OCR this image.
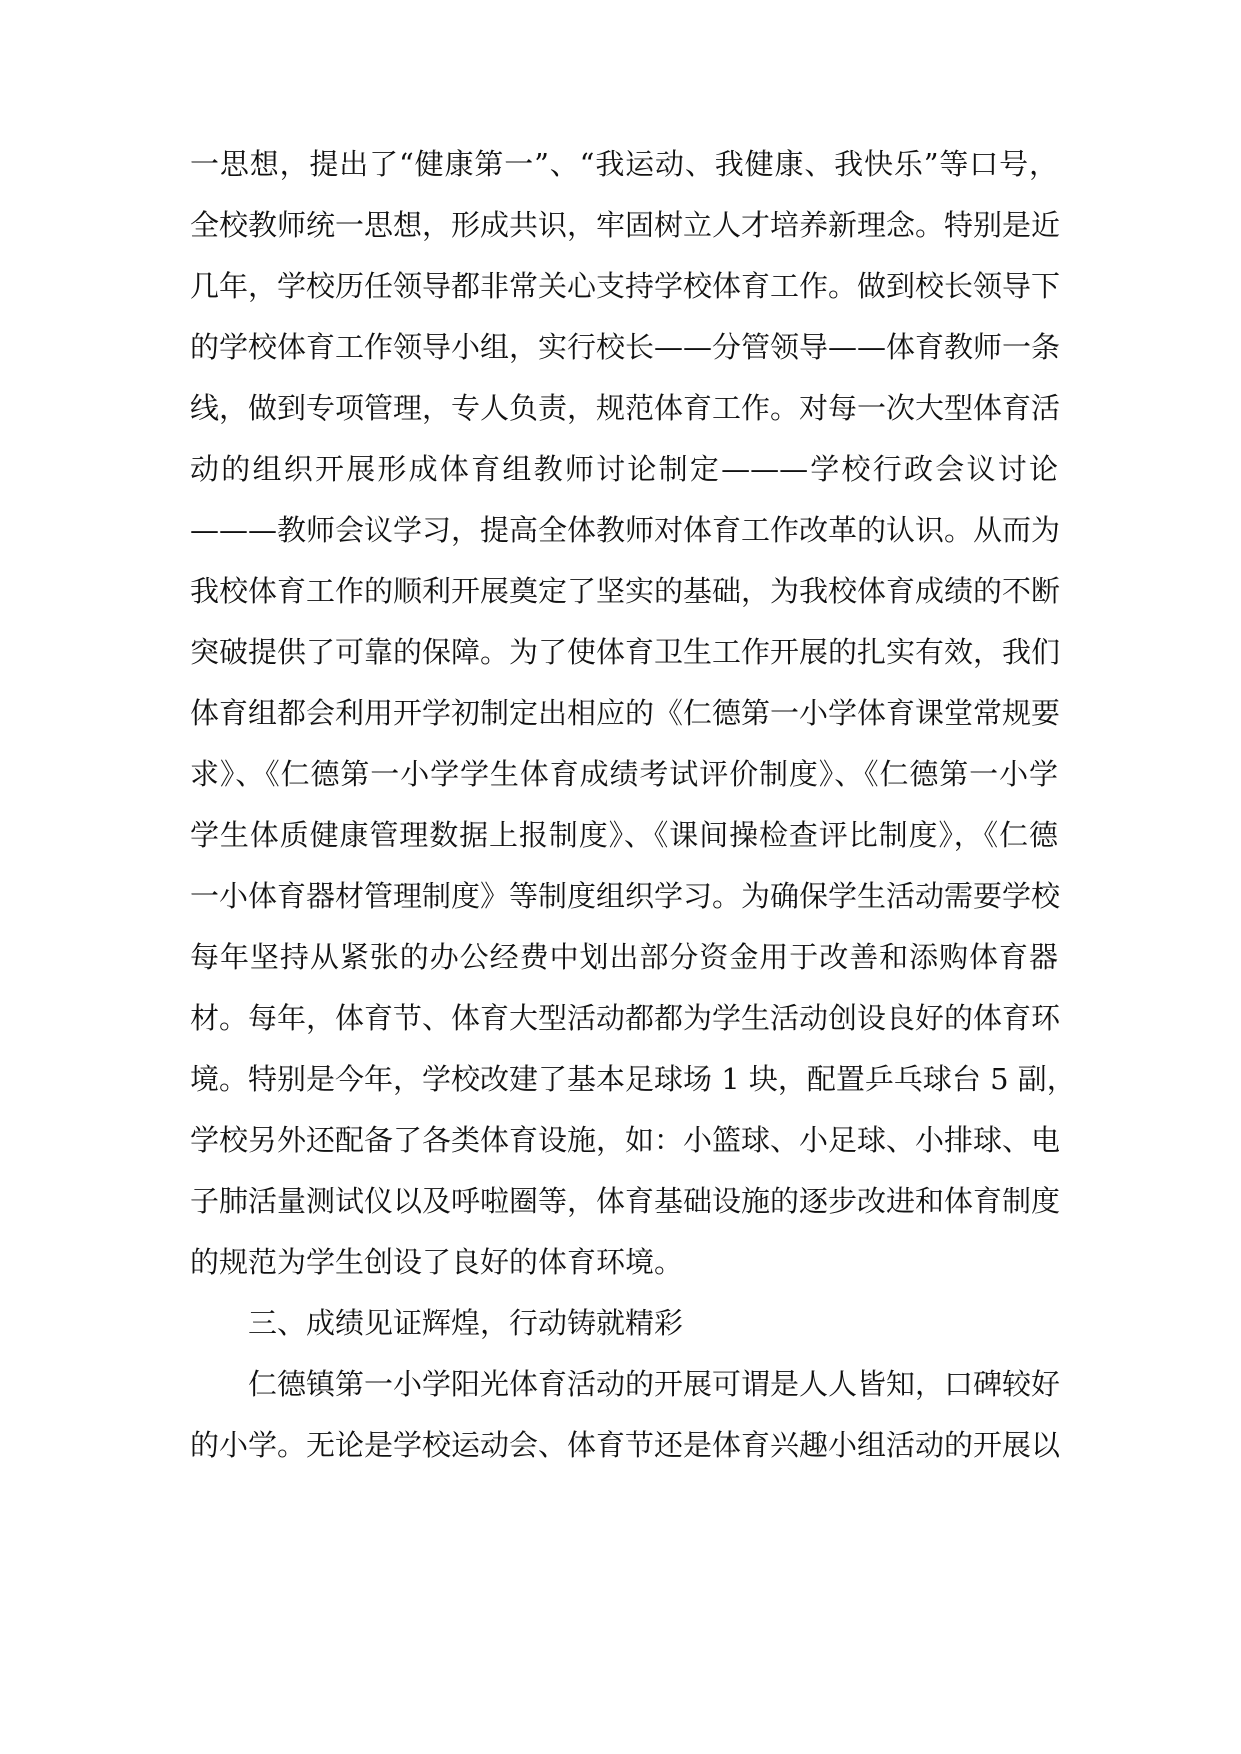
一思想，提出了“健康第一”、“我运动、我健康、我快乐”等口号，
全校教师统一思想，形成共识，牢固树立人才培养新理念。特别是近
几年，学校历任领导都非常关心支持学校体育工作。做到校长领导下
的学校体育工作领导小组，实行校长——分管领导——体育教师一条
线，做到专项管理，专人负责，规范体育工作。对每一次大型体育活
动的组织开展形成体育组教师讨论制定———学校行政会议讨论
———教师会议学习，提高全体教师对体育工作改革的认识。从而为
我校体育工作的顺利开展奠定了坚实的基础，为我校体育成绩的不断
突破提供了可靠的保障。为了使体育卫生工作开展的扎实有效，我们
体育组都会利用开学初制定出相应的《仁德第一小学体育课堂常规要
求》、《仁德第一小学学生体育成绩考试评价制度》、《仁德第一小学
学生体质健康管理数据上报制度》、《课间操检查评比制度》，《仁德
一小体育器材管理制度》等制度组织学习。为确保学生活动需要学校
每年坚持从紧张的办公经费中划出部分资金用于改善和添购体育器
材。每年，体育节、体育大型活动都都为学生活动创设良好的体育环
境。特别是今年，学校改建了基本足球场 1 块，配置乒乓球台 5 副，
学校另外还配备了各类体育设施，如：小篮球、小足球、小排球、电
子肺活量测试仪以及呼啦圈等，体育基础设施的逐步改进和体育制度
的规范为学生创设了良好的体育环境。
三、成绩见证辉煌，行动铸就精彩
仁德镇第一小学阳光体育活动的开展可谓是人人皆知，口碑较好
的小学。无论是学校运动会、体育节还是体育兴趣小组活动的开展以
